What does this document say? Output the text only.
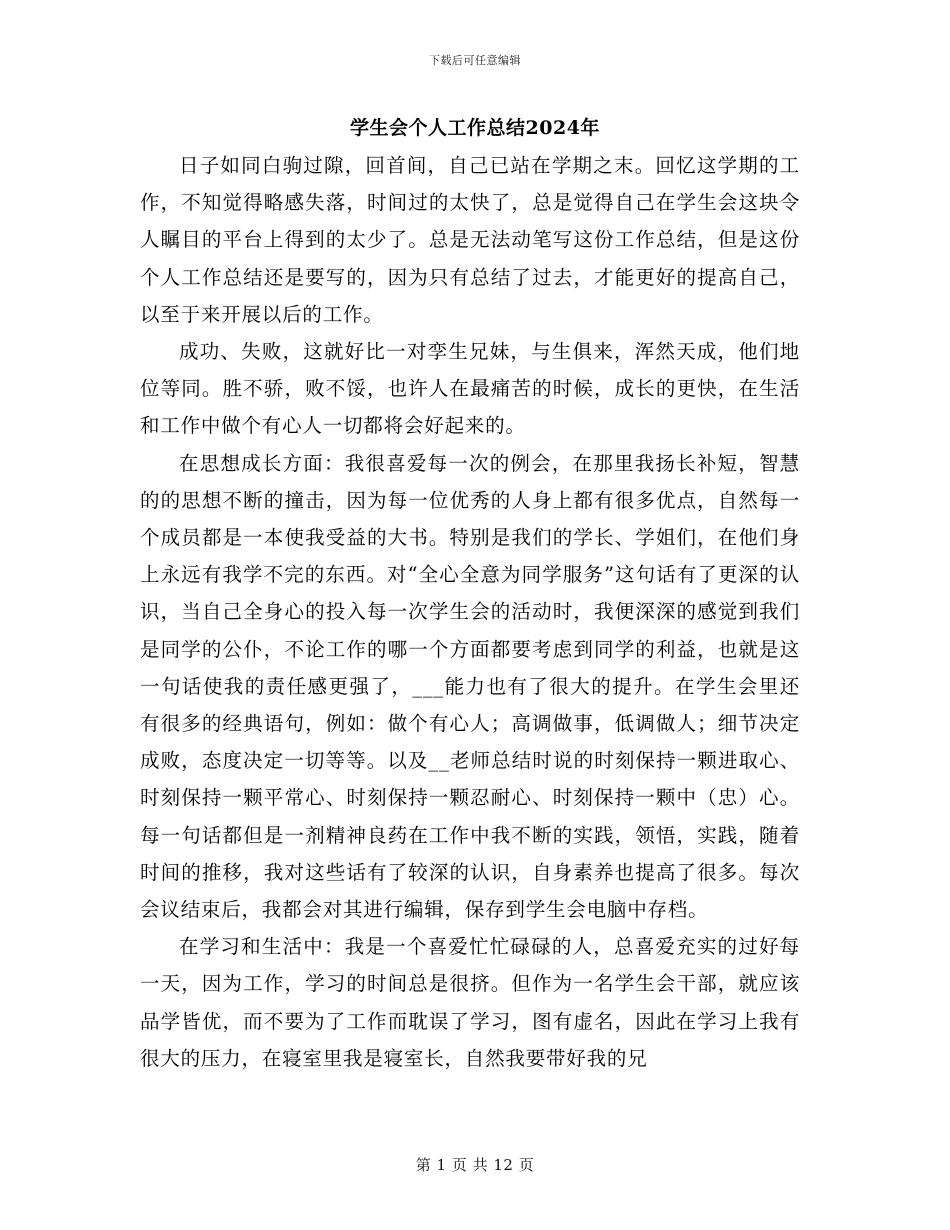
下载后可任意编辑
学生会个人工作总结2024年

日子如同白驹过隙，回首间，自己已站在学期之末。回忆这学期的工作，不知觉得略感失落，时间过的太快了，总是觉得自己在学生会这块令人瞩目的平台上得到的太少了。总是无法动笔写这份工作总结，但是这份个人工作总结还是要写的，因为只有总结了过去，才能更好的提高自己，以至于来开展以后的工作。

成功、失败，这就好比一对孪生兄妹，与生俱来，浑然天成，他们地位等同。胜不骄，败不馁，也许人在最痛苦的时候，成长的更快，在生活和工作中做个有心人一切都将会好起来的。

在思想成长方面：我很喜爱每一次的例会，在那里我扬长补短，智慧的的思想不断的撞击，因为每一位优秀的人身上都有很多优点，自然每一个成员都是一本使我受益的大书。特别是我们的学长、学姐们，在他们身上永远有我学不完的东西。对“全心全意为同学服务”这句话有了更深的认识，当自己全身心的投入每一次学生会的活动时，我便深深的感觉到我们是同学的公仆，不论工作的哪一个方面都要考虑到同学的利益，也就是这一句话使我的责任感更强了，___能力也有了很大的提升。在学生会里还有很多的经典语句，例如：做个有心人；高调做事，低调做人；细节决定成败，态度决定一切等等。以及__老师总结时说的时刻保持一颗进取心、时刻保持一颗平常心、时刻保持一颗忍耐心、时刻保持一颗中（忠）心。每一句话都但是一剂精神良药在工作中我不断的实践，领悟，实践，随着时间的推移，我对这些话有了较深的认识，自身素养也提高了很多。每次会议结束后，我都会对其进行编辑，保存到学生会电脑中存档。

在学习和生活中：我是一个喜爱忙忙碌碌的人，总喜爱充实的过好每一天，因为工作，学习的时间总是很挤。但作为一名学生会干部，就应该品学皆优，而不要为了工作而耽误了学习，图有虚名，因此在学习上我有很大的压力，在寝室里我是寝室长，自然我要带好我的兄

第 1 页 共 12 页
